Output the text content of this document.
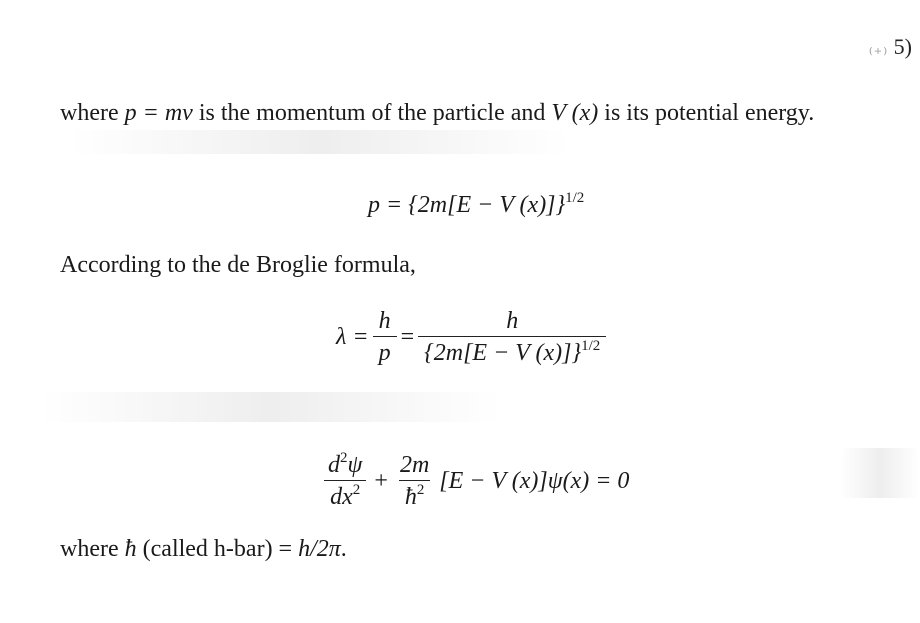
₍₊₎ 5)
where p = mv is the momentum of the particle and V (x) is its potential energy.
p = {2m[E − V (x)]}$^{1/2}$
According to the de Broglie formula,
$\lambda = \frac{h}{p} = \frac{h}{\{2m[E - V (x)]\}^{1/2}}$
$\frac{d^2\psi}{dx^2} + \frac{2m}{ħ^2} [E - V$ (x)]ψ(x) = 0
where ħ (called h-bar) = h/2π.
